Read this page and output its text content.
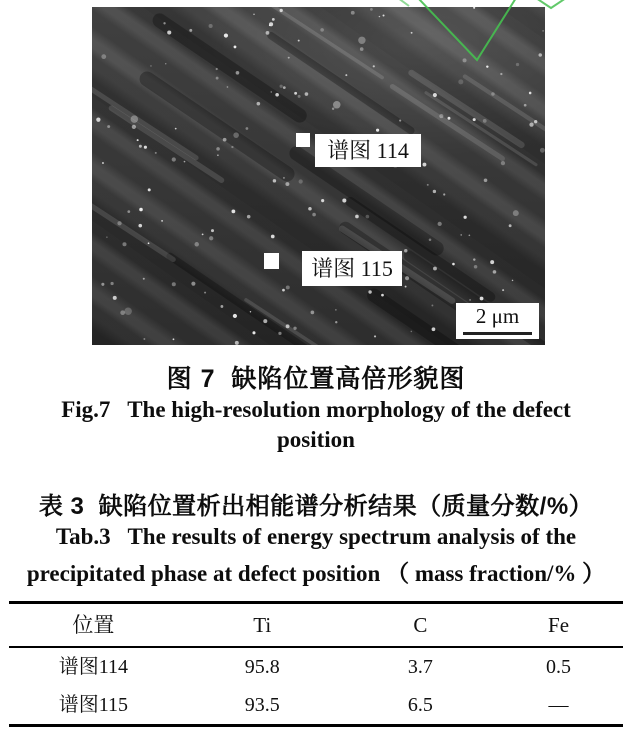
谱图 114
谱图 115
2 μm
图 7  缺陷位置高倍形貌图
Fig.7   The high-resolution morphology of the defect
position
表 3  缺陷位置析出相能谱分析结果（质量分数/%）
Tab.3   The results of energy spectrum analysis of the
precipitated phase at defect position （ mass fraction/% ）
位置	Ti	C	Fe
谱图114	95.8	3.7	0.5
谱图115	93.5	6.5	—
